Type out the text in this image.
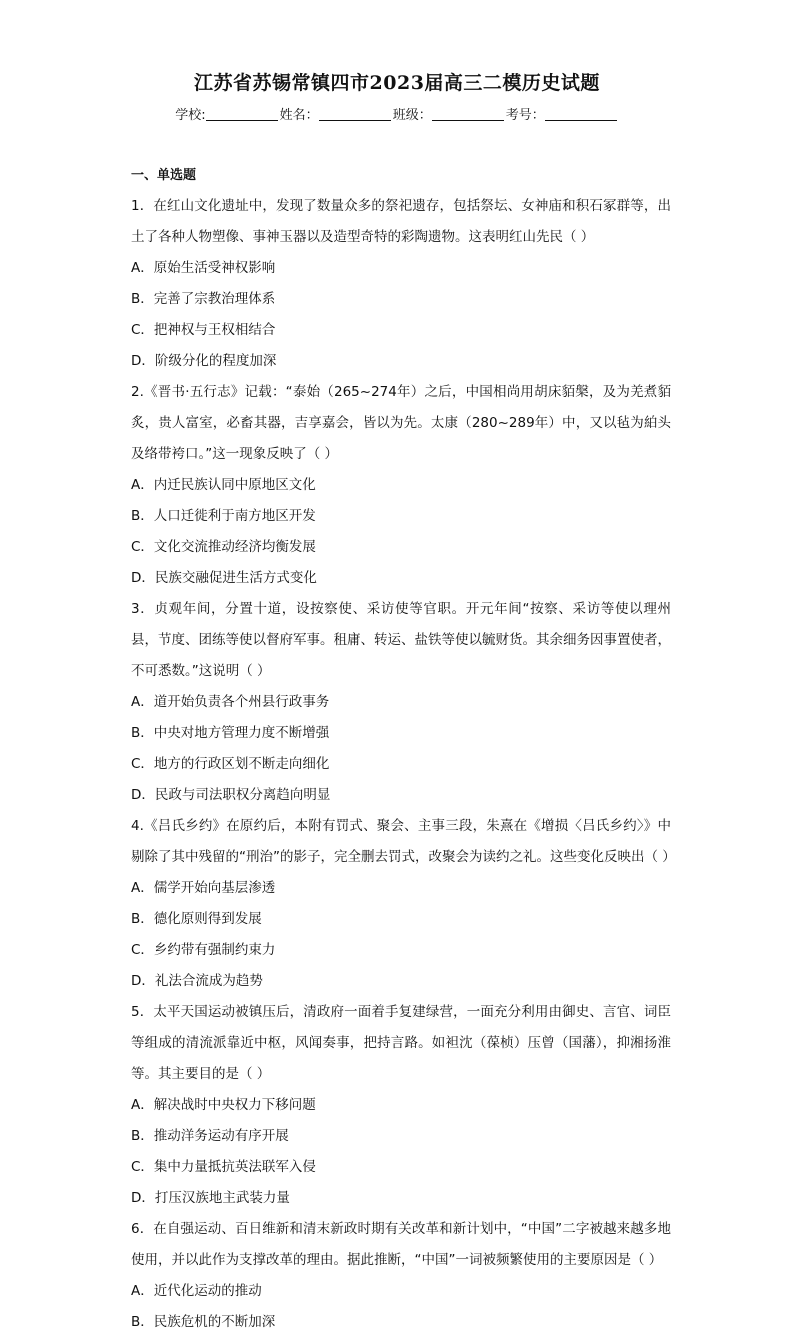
江苏省苏锡常镇四市2023届高三二模历史试题
学校:	姓名：	班级：	考号：
一、单选题

1．在红山文化遗址中，发现了数量众多的祭祀遗存，包括祭坛、女神庙和积石冢群等，出土了各种人物塑像、事神玉器以及造型奇特的彩陶遗物。这表明红山先民（ ）

A．原始生活受神权影响
B．完善了宗教治理体系
C．把神权与王权相结合
D．阶级分化的程度加深

2.《晋书·五行志》记载：“泰始（265~274年）之后，中国相尚用胡床貊槃，及为羌煮貊炙，贵人富室，必畜其器，吉享嘉会，皆以为先。太康（280~289年）中，又以毡为絈头及络带袴口。”这一现象反映了（ ）

A．内迁民族认同中原地区文化
B．人口迁徙利于南方地区开发
C．文化交流推动经济均衡发展
D．民族交融促进生活方式变化

3．贞观年间，分置十道，设按察使、采访使等官职。开元年间“按察、采访等使以理州县，节度、团练等使以督府军事。租庸、转运、盐铁等使以毓财货。其余细务因事置使者，不可悉数。”这说明（ ）

A．道开始负责各个州县行政事务
B．中央对地方管理力度不断增强
C．地方的行政区划不断走向细化
D．民政与司法职权分离趋向明显

4.《吕氏乡约》在原约后，本附有罚式、聚会、主事三段，朱熹在《增损〈吕氏乡约〉》中剔除了其中残留的“刑治”的影子，完全删去罚式，改聚会为读约之礼。这些变化反映出（ ）

A．儒学开始向基层渗透
B．德化原则得到发展
C．乡约带有强制约束力
D．礼法合流成为趋势

5．太平天国运动被镇压后，清政府一面着手复建绿营，一面充分利用由御史、言官、词臣等组成的清流派靠近中枢，风闻奏事，把持言路。如袒沈（葆桢）压曾（国藩），抑湘扬淮等。其主要目的是（ ）

A．解决战时中央权力下移问题
B．推动洋务运动有序开展
C．集中力量抵抗英法联军入侵
D．打压汉族地主武装力量

6．在自强运动、百日维新和清末新政时期有关改革和新计划中，“中国”二字被越来越多地使用，并以此作为支撑改革的理由。据此推断，“中国”一词被频繁使用的主要原因是（ ）

A．近代化运动的推动
B．民族危机的不断加深
